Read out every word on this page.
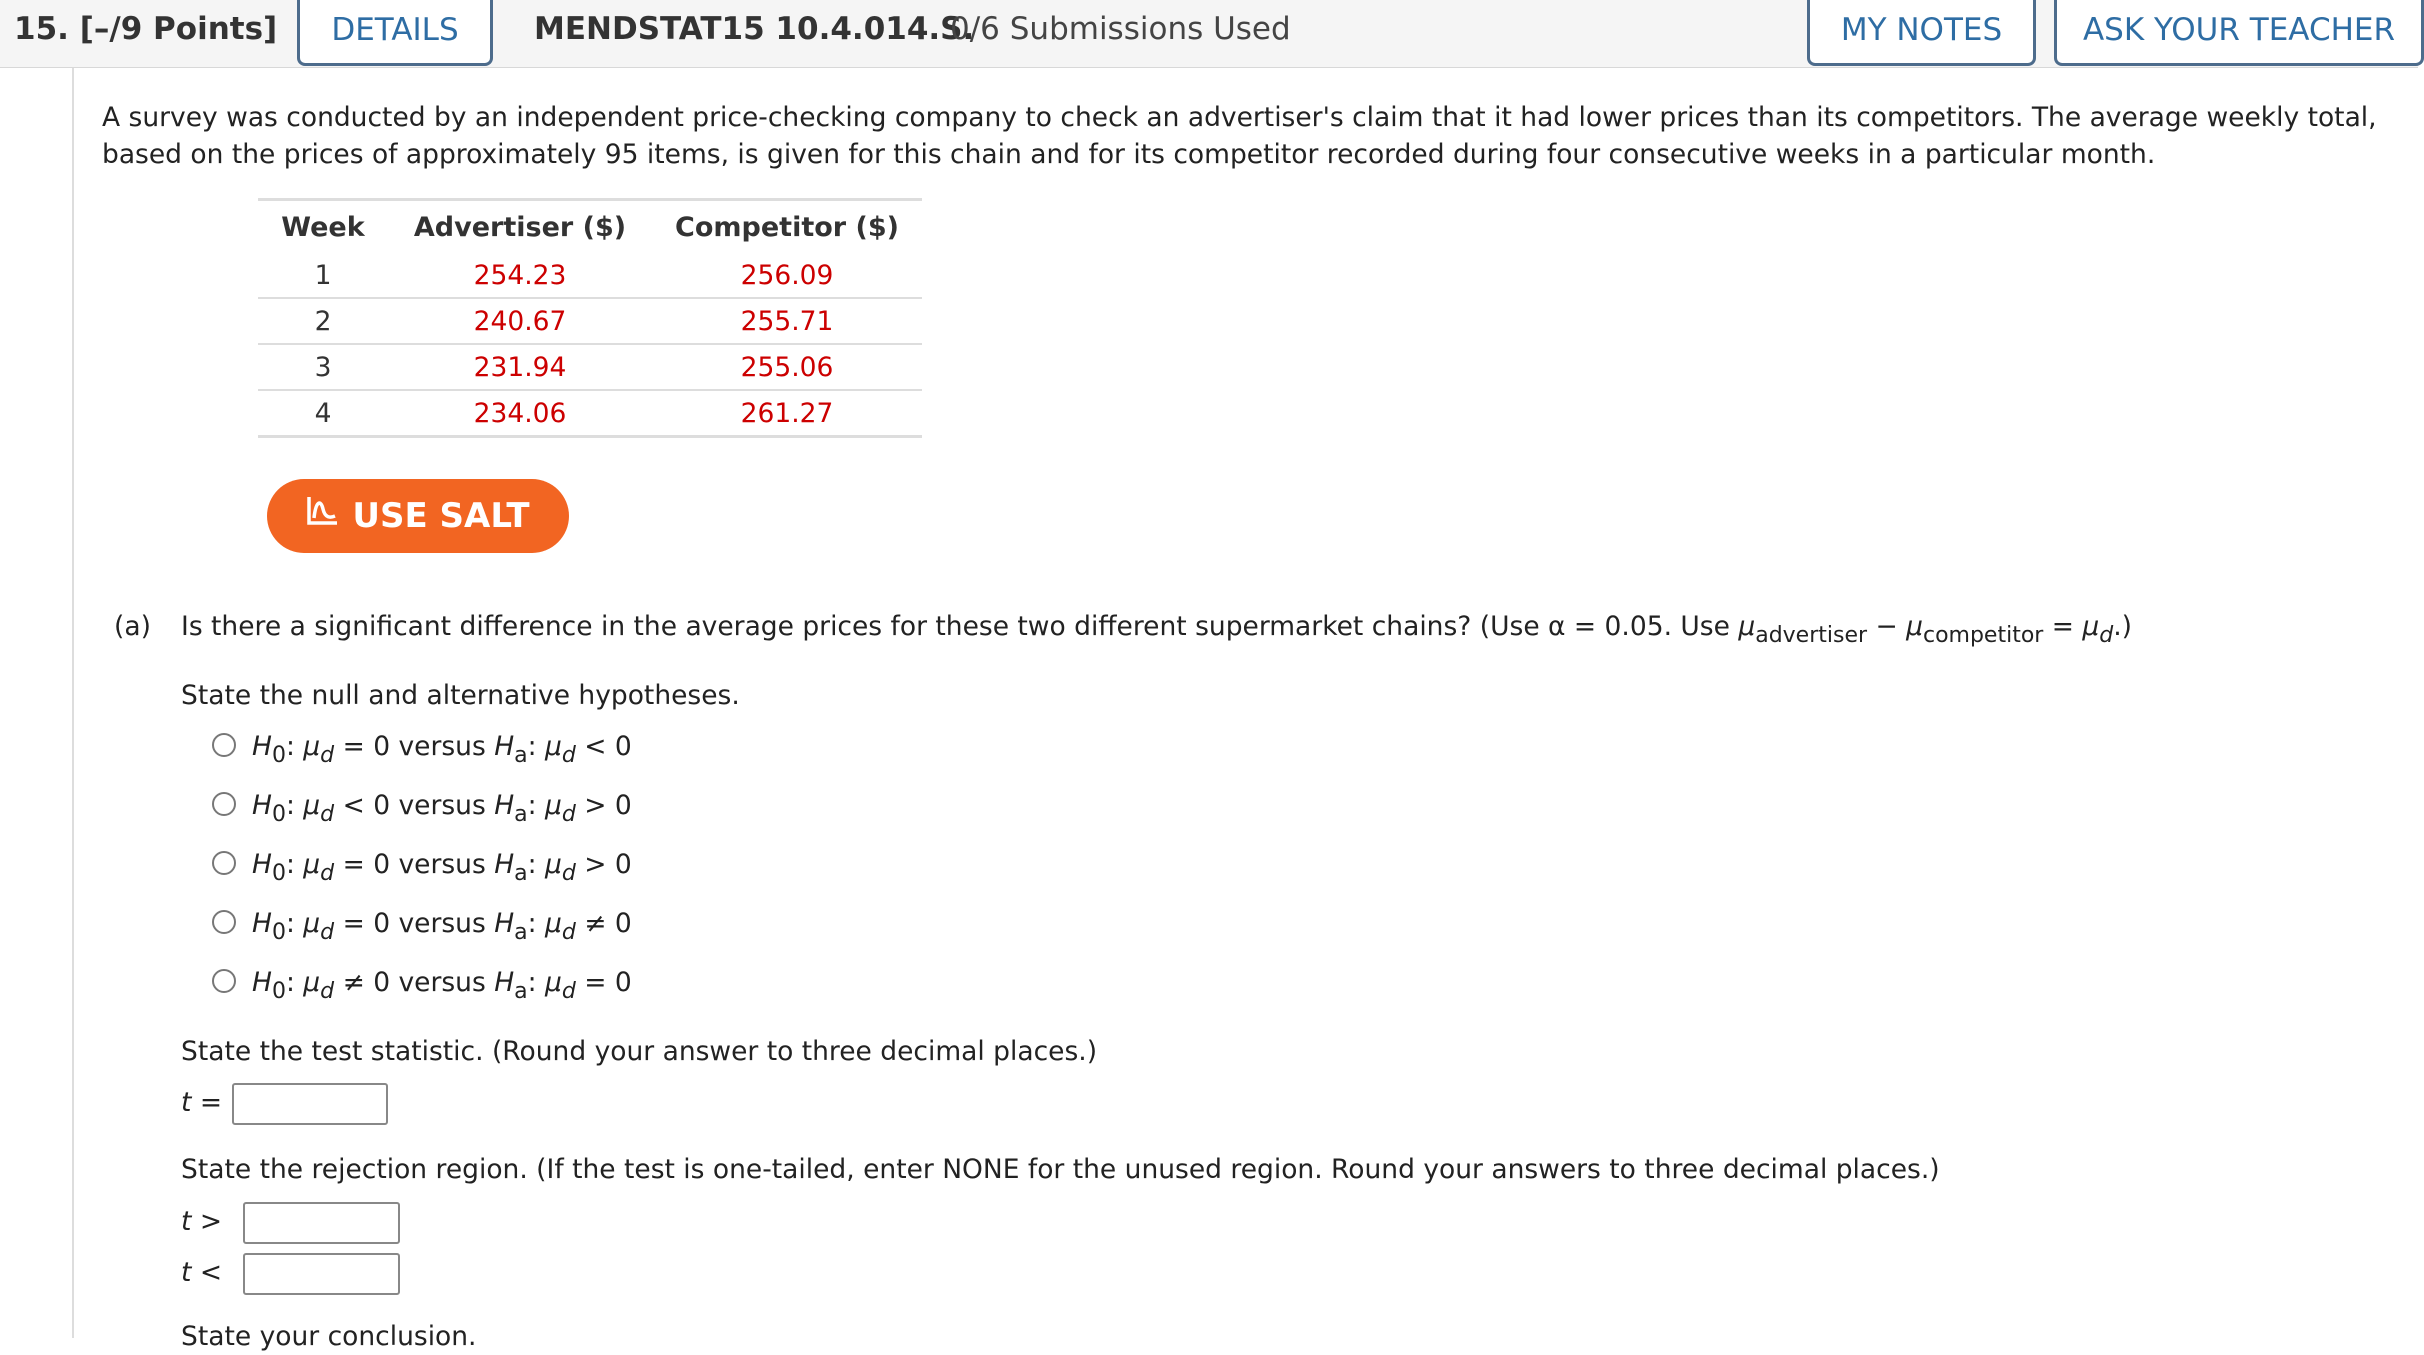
15. [–/9 Points]	DETAILS	MENDSTAT15 10.4.014.S.
0/6 Submissions Used	MY NOTES	ASK YOUR TEACHER
A survey was conducted by an independent price-checking company to check an advertiser's claim that it had lower prices than its competitors. The average weekly total, based on the prices of approximately 95 items, is given for this chain and for its competitor recorded during four consecutive weeks in a particular month.
Week	Advertiser ($)	Competitor ($)
1	254.23	256.09
2	240.67	255.71
3	231.94	255.06
4	234.06	261.27
USE SALT
(a) Is there a significant difference in the average prices for these two different supermarket chains? (Use α = 0.05. Use $\mu_{advertiser} - \mu_{competitor} = \mu_d$.)
State the null and alternative hypotheses.
$H_0$: $\mu_d = 0$ versus $H_a$: $\mu_d < 0$
$H_0$: $\mu_d < 0$ versus $H_a$: $\mu_d > 0$
$H_0$: $\mu_d = 0$ versus $H_a$: $\mu_d > 0$
$H_0$: $\mu_d = 0$ versus $H_a$: $\mu_d \ne 0$
$H_0$: $\mu_d \ne 0$ versus $H_a$: $\mu_d = 0$
State the test statistic. (Round your answer to three decimal places.)
t =
State the rejection region. (If the test is one-tailed, enter NONE for the unused region. Round your answers to three decimal places.)
t >
t <
State your conclusion.
